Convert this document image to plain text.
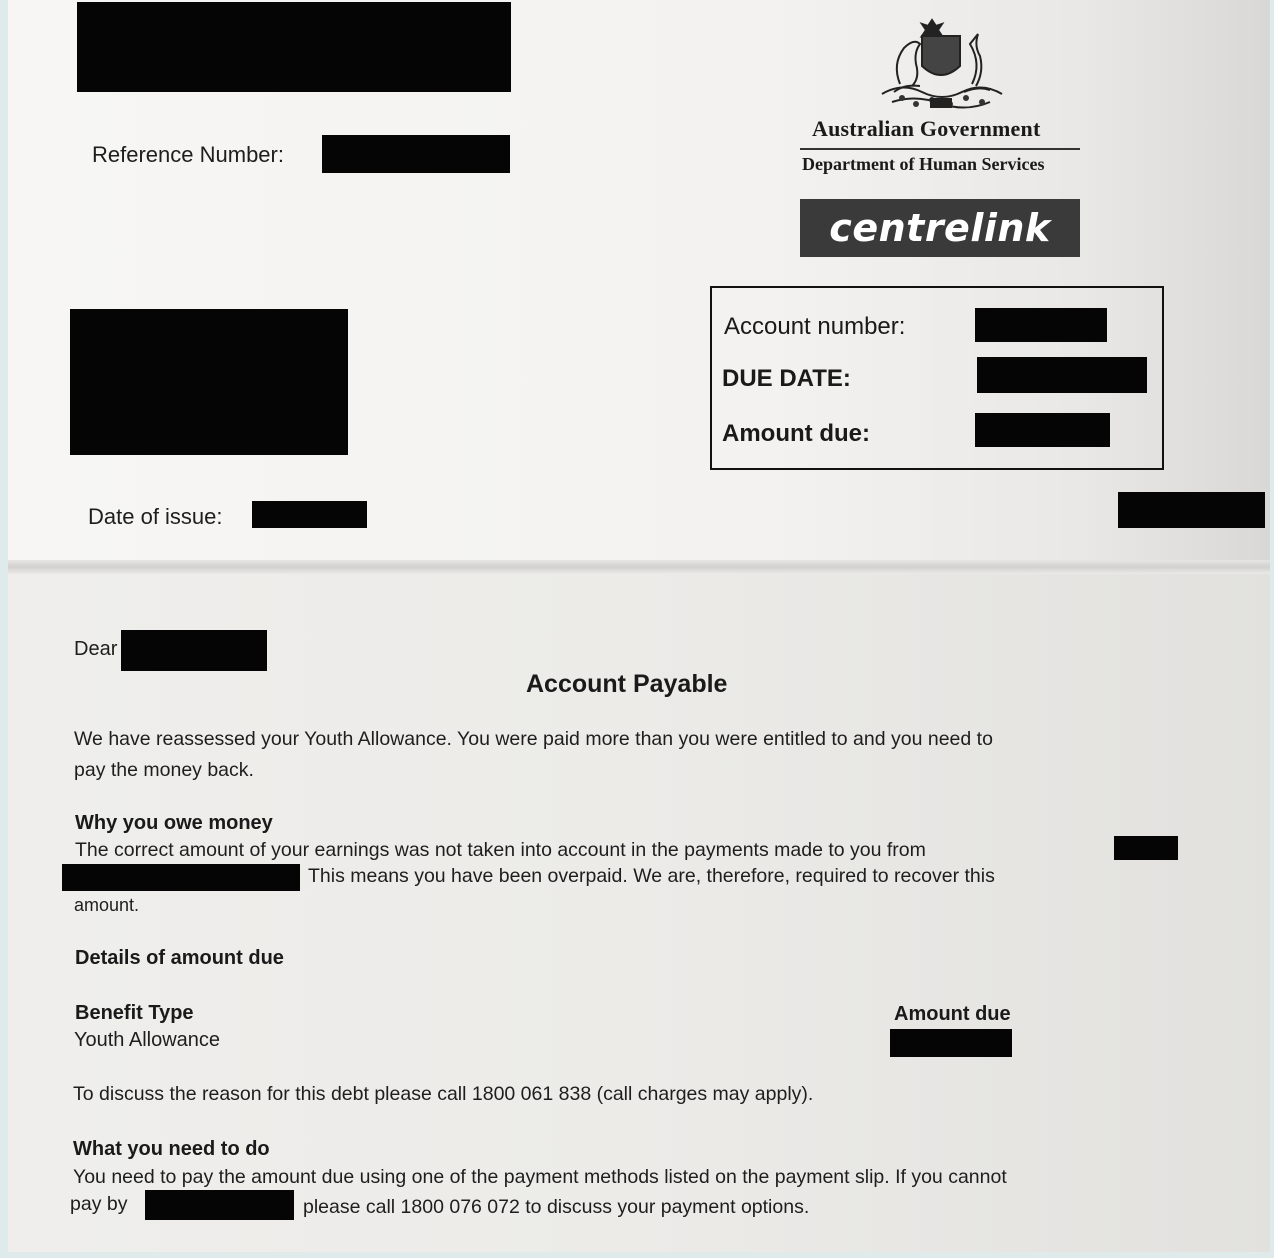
Reference Number:
Australian Government
Department of Human Services
centrelink
Account number:
DUE DATE:
Amount due:
Date of issue:
Dear
Account Payable
We have reassessed your Youth Allowance. You were paid more than you were entitled to and you need to
pay the money back.
Why you owe money
The correct amount of your earnings was not taken into account in the payments made to you from
This means you have been overpaid. We are, therefore, required to recover this
amount.
Details of amount due
Benefit Type
Youth Allowance
Amount due
To discuss the reason for this debt please call 1800 061 838 (call charges may apply).
What you need to do
You need to pay the amount due using one of the payment methods listed on the payment slip. If you cannot
pay by	please call 1800 076 072 to discuss your payment options.
